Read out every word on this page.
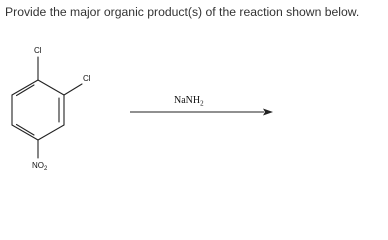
Provide the major organic product(s) of the reaction shown below.
Cl
Cl
$NO_2$
NaNH$_2$
